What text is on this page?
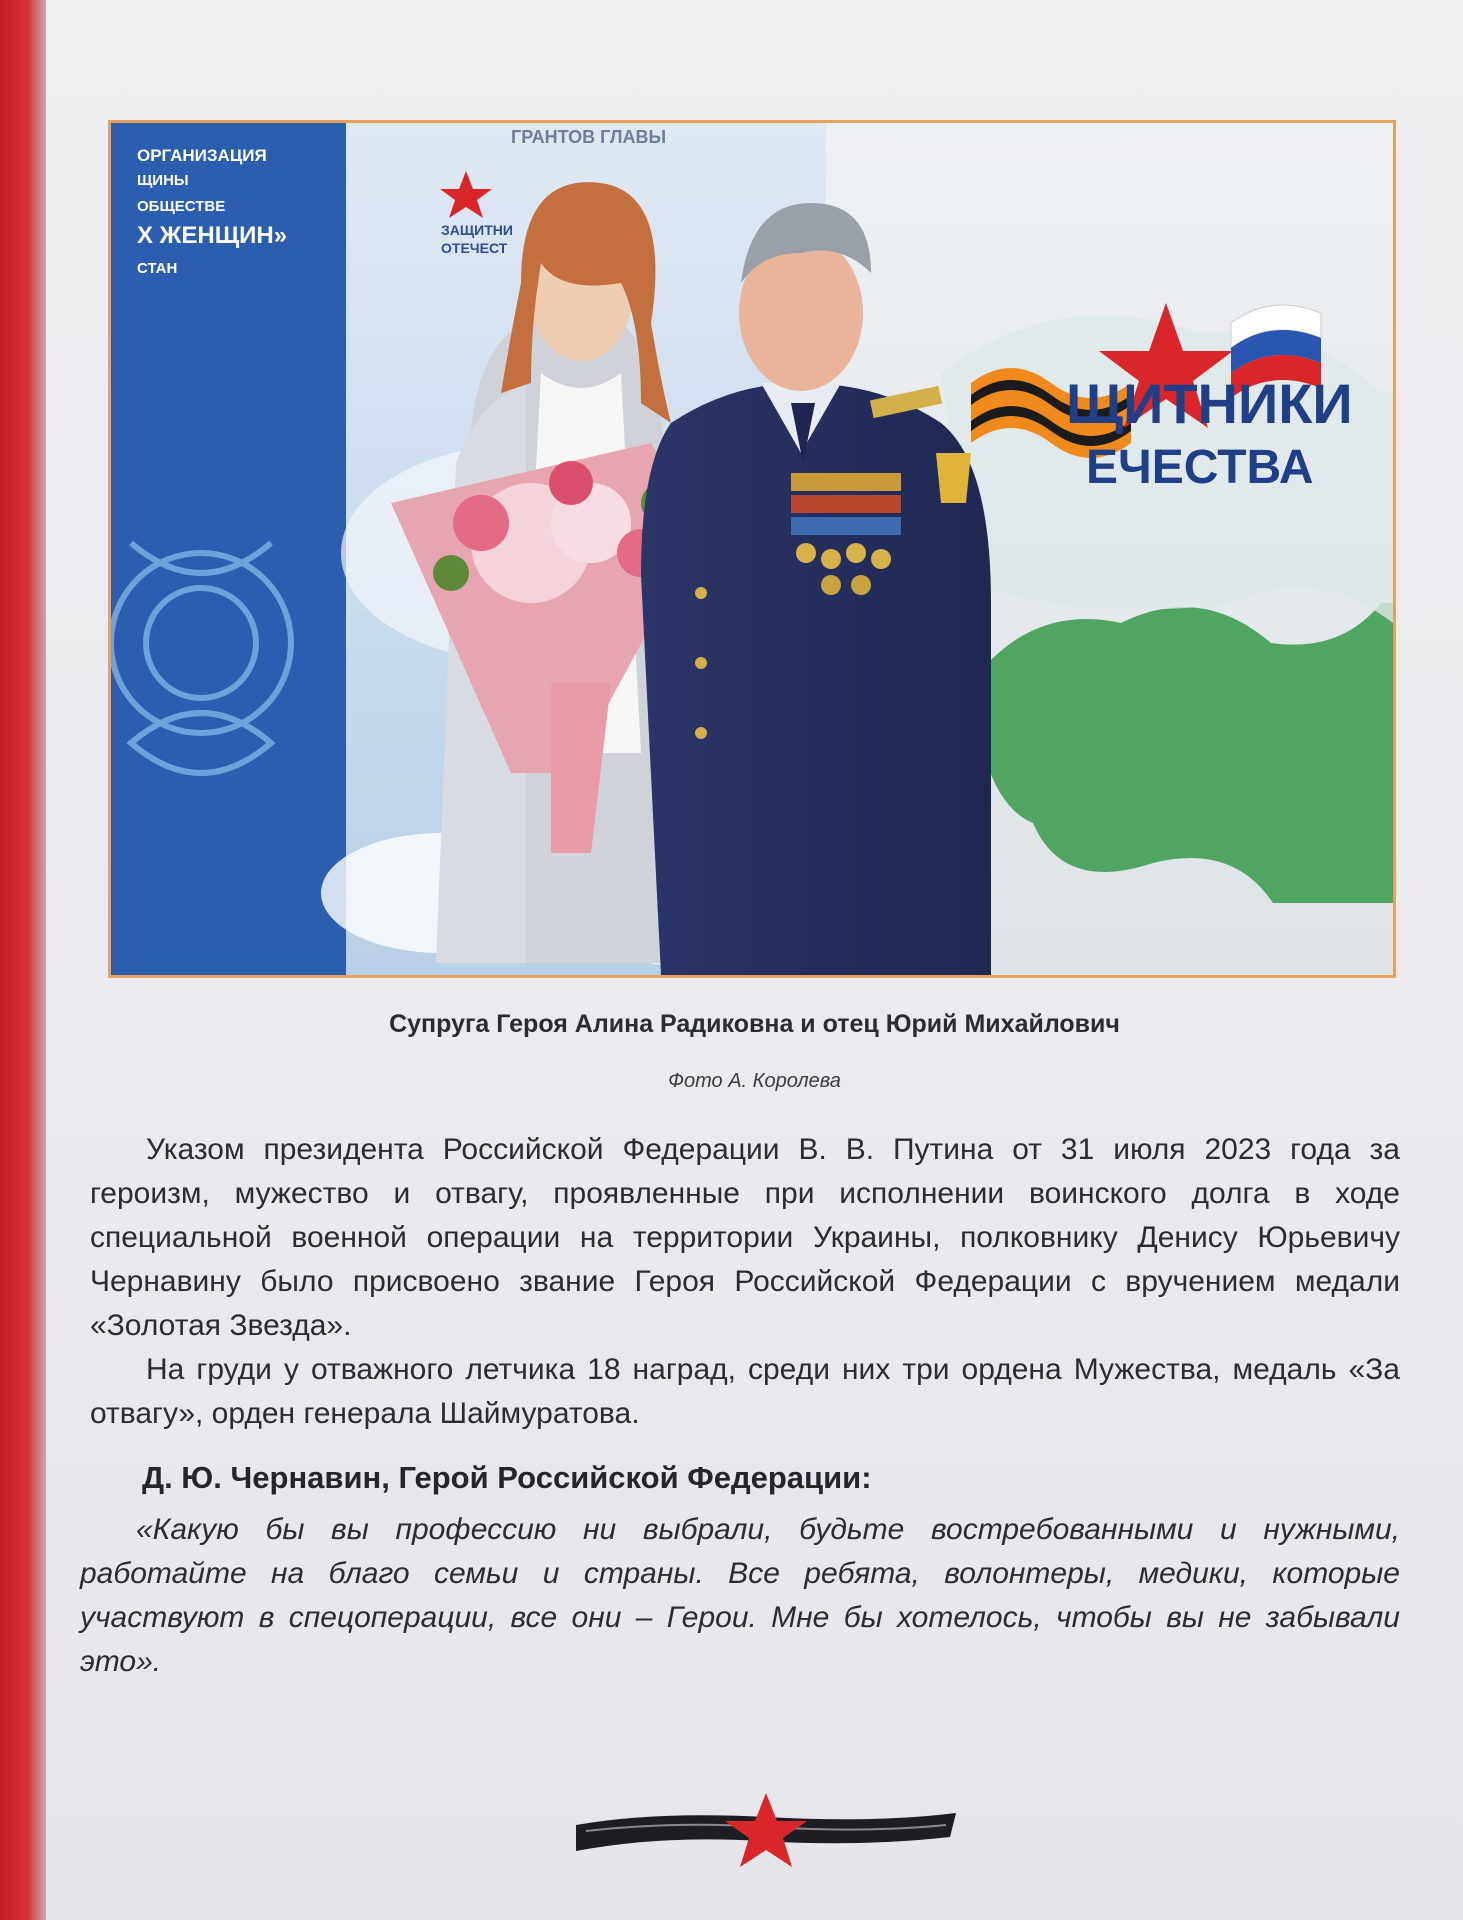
ОРГАНИЗАЦИЯ
ЩИНЫ
ОБЩЕСТВЕ
Х ЖЕНЩИН»
СТАН
ГРАНТОВ ГЛАВЫ
ЗАЩИТНИ
ОТЕЧЕСТ
ЩИТНИКИ
ЕЧЕСТВА
Супруга Героя Алина Радиковна и отец Юрий Михайлович
Фото А. Королева

Указом президента Российской Федерации В. В. Путина от 31 июля 2023 года за героизм, мужество и отвагу, проявленные при исполнении воинского долга в ходе специальной военной операции на территории Украины, полковнику Денису Юрьевичу Чернавину было присвоено звание Героя Российской Федерации с вручением медали «Золотая Звезда».

На груди у отважного летчика 18 наград, среди них три ордена Мужества, медаль «За отвагу», орден генерала Шаймуратова.

Д. Ю. Чернавин, Герой Российской Федерации:

«Какую бы вы профессию ни выбрали, будьте востребованными и нужными, работайте на благо семьи и страны. Все ребята, волонтеры, медики, которые участвуют в спецоперации, все они – Герои. Мне бы хотелось, чтобы вы не забывали это».
